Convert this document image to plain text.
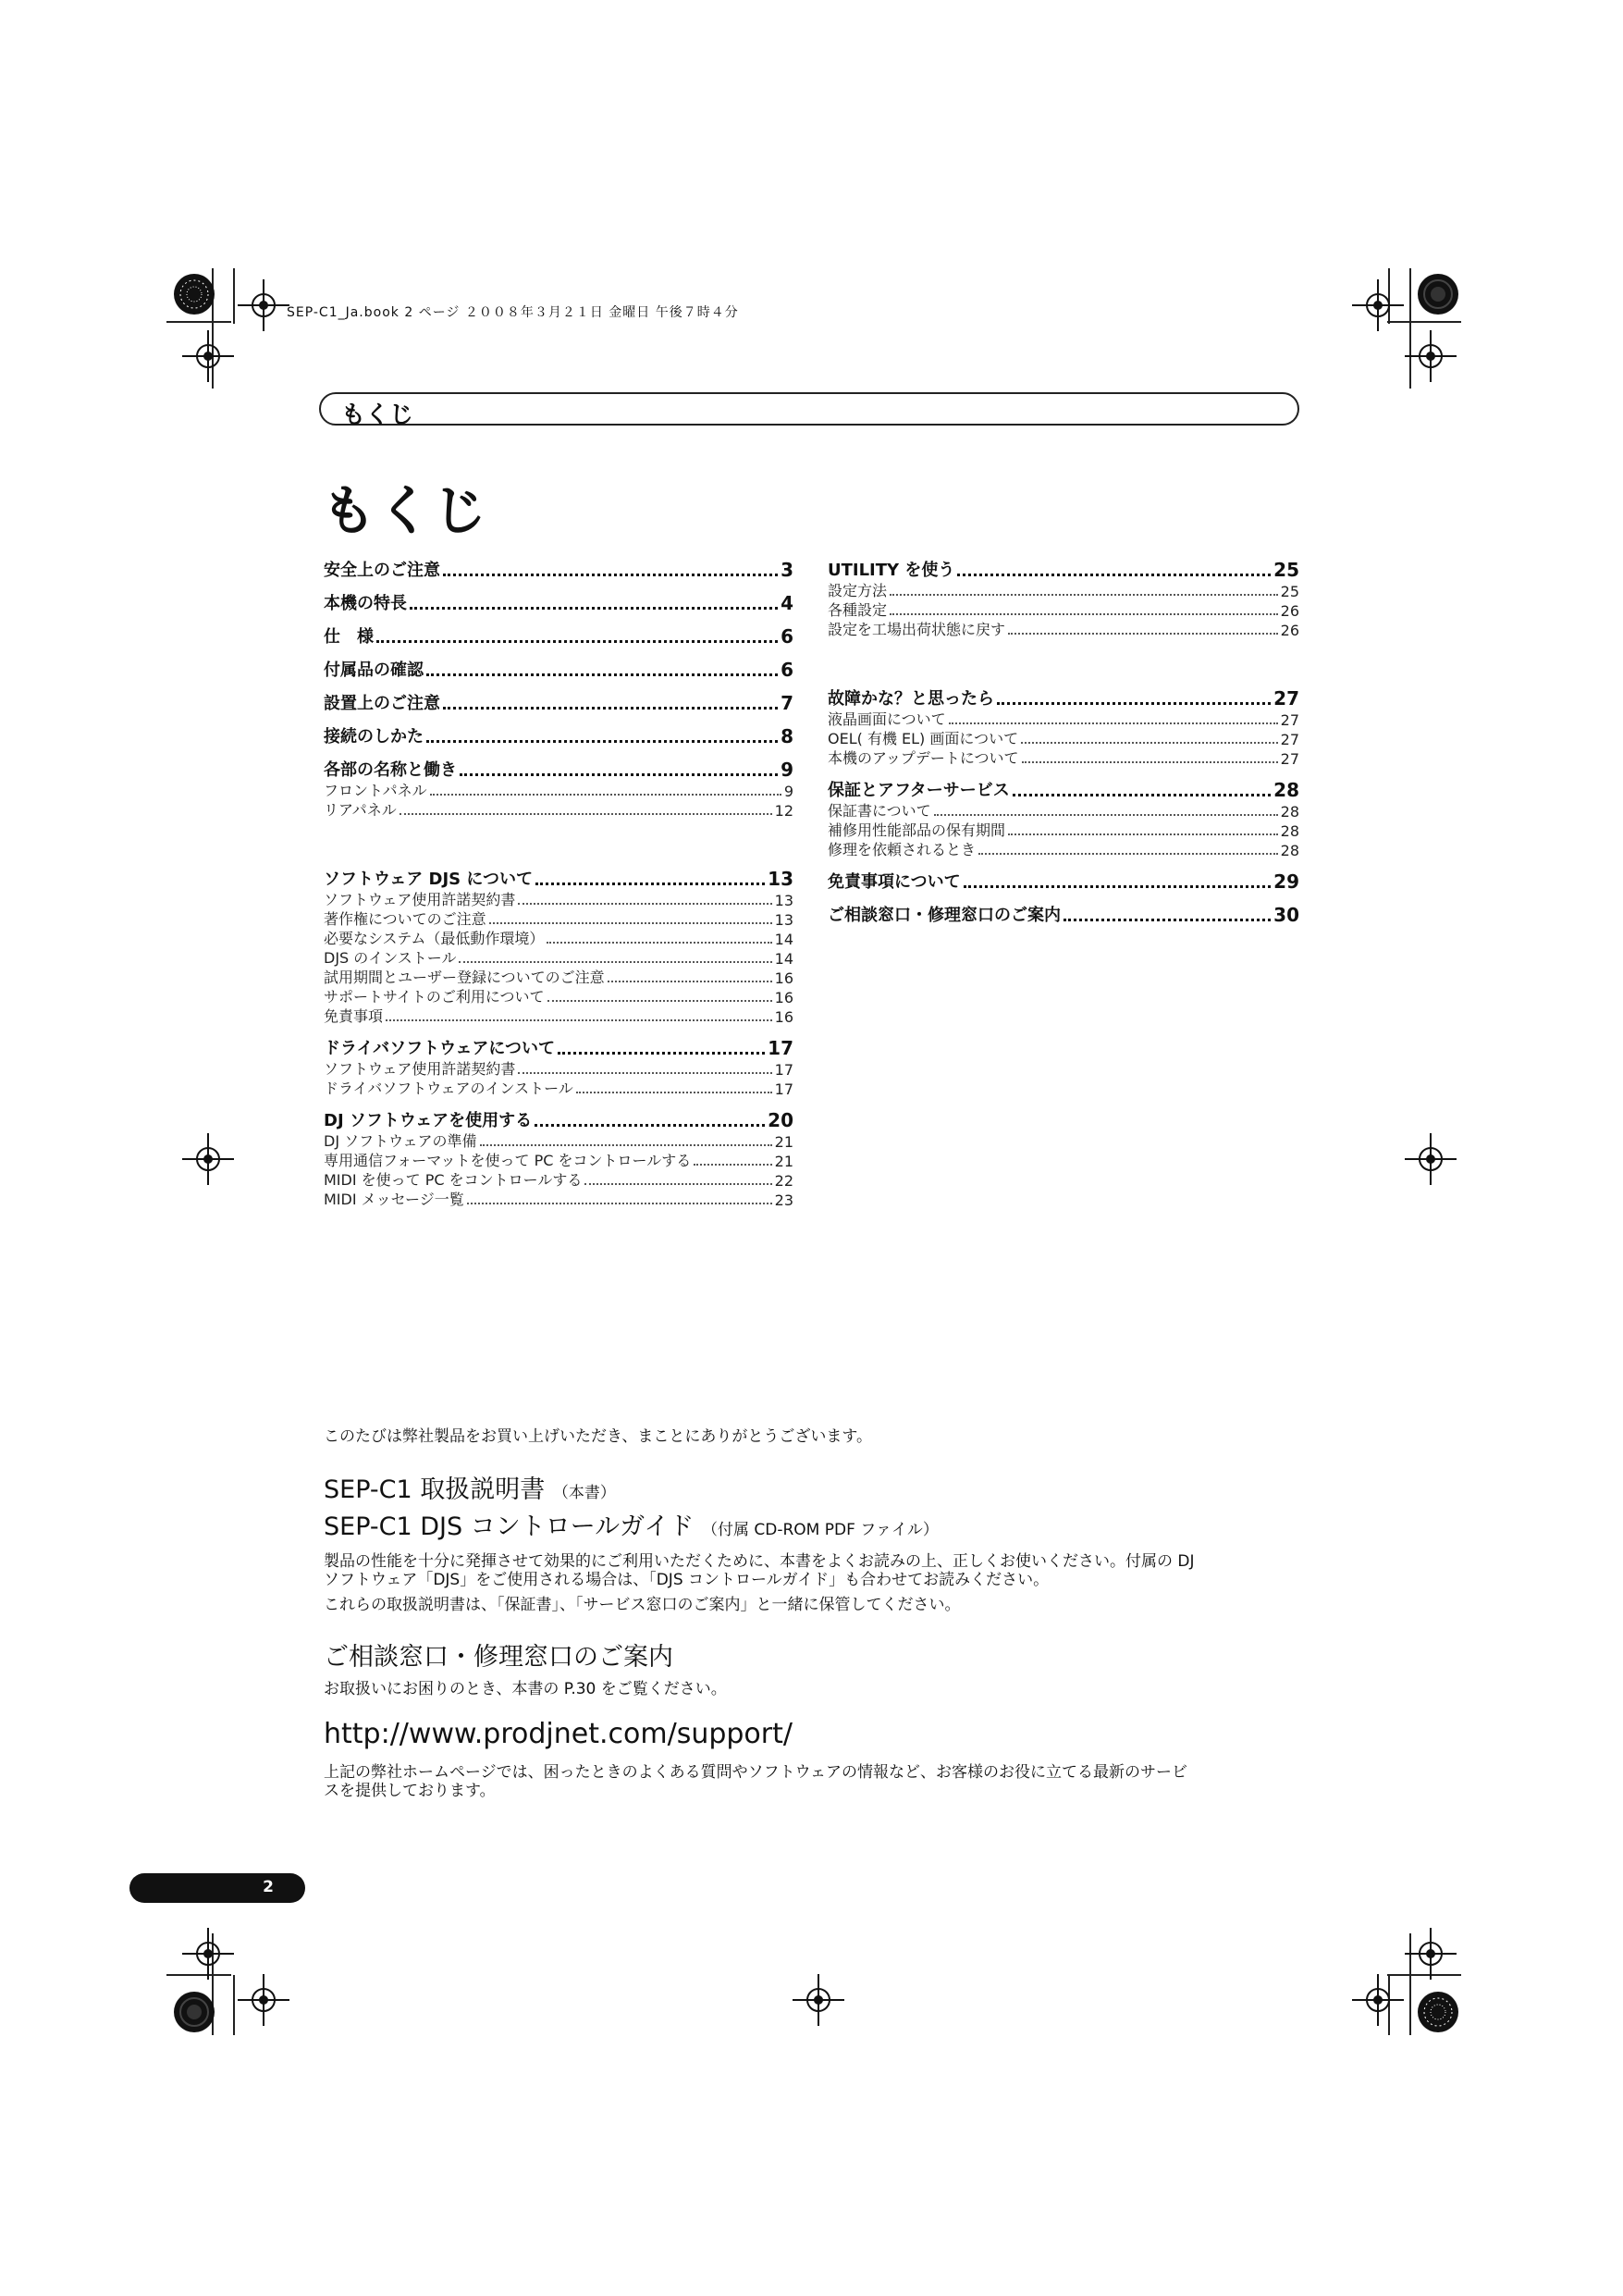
SEP-C1_Ja.book 2 ページ ２００８年３月２１日 金曜日 午後７時４分
もくじ
もくじ
安全上のご注意	3
本機の特長	4
仕　様	6
付属品の確認	6
設置上のご注意	7
接続のしかた	8
各部の名称と働き	9
フロントパネル	9
リアパネル	12
ソフトウェア DJS について	13
ソフトウェア使用許諾契約書	13
著作権についてのご注意	13
必要なシステム（最低動作環境）	14
DJS のインストール	14
試用期間とユーザー登録についてのご注意	16
サポートサイトのご利用について	16
免責事項	16
ドライバソフトウェアについて	17
ソフトウェア使用許諾契約書	17
ドライバソフトウェアのインストール	17
DJ ソフトウェアを使用する	20
DJ ソフトウェアの準備	21
専用通信フォーマットを使って PC をコントロールする	21
MIDI を使って PC をコントロールする	22
MIDI メッセージ一覧	23
UTILITY を使う	25
設定方法	25
各種設定	26
設定を工場出荷状態に戻す	26
故障かな？と思ったら	27
液晶画面について	27
OEL( 有機 EL) 画面について	27
本機のアップデートについて	27
保証とアフターサービス	28
保証書について	28
補修用性能部品の保有期間	28
修理を依頼されるとき	28
免責事項について	29
ご相談窓口・修理窓口のご案内	30
このたびは弊社製品をお買い上げいただき、まことにありがとうございます。
SEP-C1 取扱説明書 （本書）
SEP-C1 DJS コントロールガイド （付属 CD-ROM PDF ファイル）
製品の性能を十分に発揮させて効果的にご利用いただくために、本書をよくお読みの上、正しくお使いください。付属の DJ
ソフトウェア「DJS」をご使用される場合は、「DJS コントロールガイド」も合わせてお読みください。
これらの取扱説明書は、「保証書」、「サービス窓口のご案内」と一緒に保管してください。
ご相談窓口・修理窓口のご案内
お取扱いにお困りのとき、本書の P.30 をご覧ください。
http://www.prodjnet.com/support/
上記の弊社ホームページでは、困ったときのよくある質問やソフトウェアの情報など、お客様のお役に立てる最新のサービ
スを提供しております。
2
